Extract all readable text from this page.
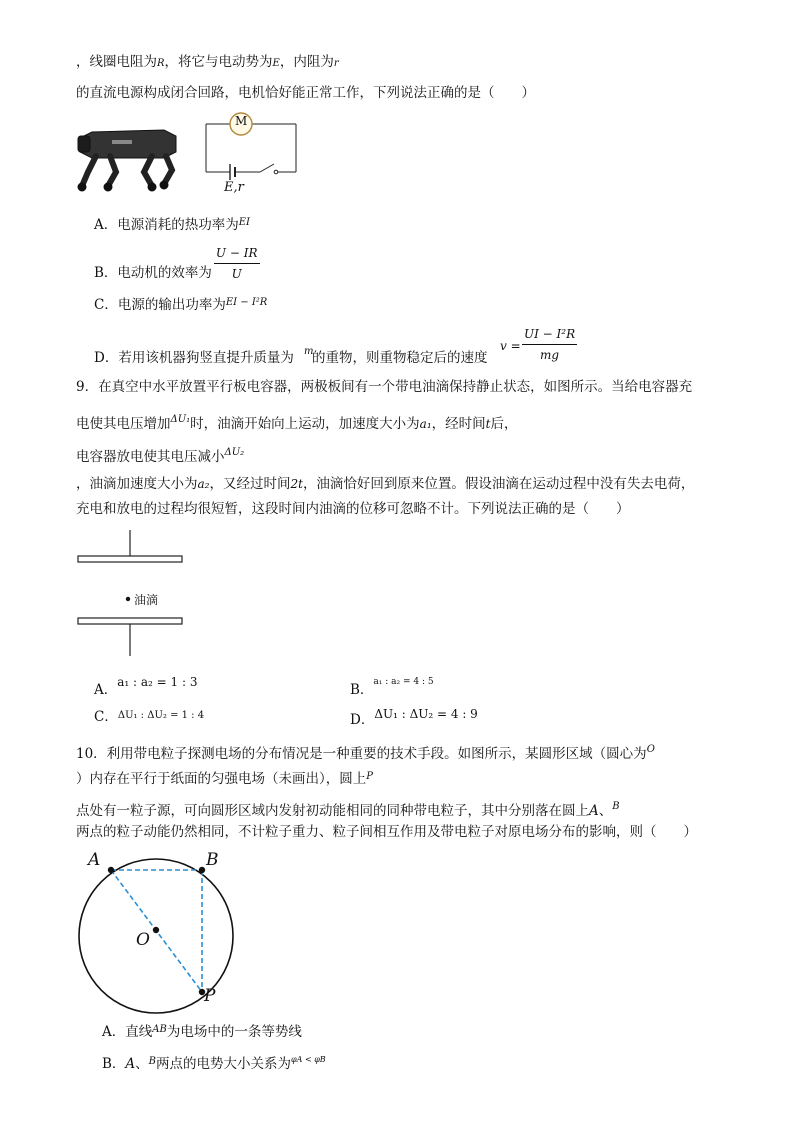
，线圈电阻为R，将它与电动势为E，内阻为r
的直流电源构成闭合回路，电机恰好能正常工作，下列说法正确的是（　　）
M
E,r
A．电源消耗的热功率为$^{EI}$
B．电动机的效率为 $\frac{U - IR}{U}$
C．电源的输出功率为$^{EI - I^2R}$
D．若用该机器狗竖直提升质量为 m
的重物，则重物稳定后的速度
$v = \frac{\text{UI − I²R}}{mg}$
9．在真空中水平放置平行板电容器，两极板间有一个带电油滴保持静止状态，如图所示。当给电容器充
电使其电压增加$^{\Delta U_1}$时，油滴开始向上运动，加速度大小为a₁，经时间t后，
电容器放电使其电压减小$^{\Delta U_2}$
，油滴加速度大小为a₂，又经过时间2t，油滴恰好回到原来位置。假设油滴在运动过程中没有失去电荷，
充电和放电的过程均很短暂，这段时间内油滴的位移可忽略不计。下列说法正确的是（　　）
油滴
A．a₁ : a₂ = 1 : 3	B．$^{a_1 : a_2 = 4 : 5}$
C．$^{\Delta U_1 : \Delta U_2 = 1 : 4}$	D．ΔU₁ : ΔU₂ = 4 : 9
10．利用带电粒子探测电场的分布情况是一种重要的技术手段。如图所示，某圆形区域（圆心为$^O$
）内存在平行于纸面的匀强电场（未画出），圆上$^P$
点处有一粒子源，可向圆形区域内发射初动能相同的同种带电粒子，其中分别落在圆上A、$^B$
两点的粒子动能仍然相同，不计粒子重力、粒子间相互作用及带电粒子对原电场分布的影响，则（　　）
A	B
O
P
A．直线$^{AB}$为电场中的一条等势线
B．A、$^B$两点的电势大小关系为$^{\varphi A < \varphi B}$
